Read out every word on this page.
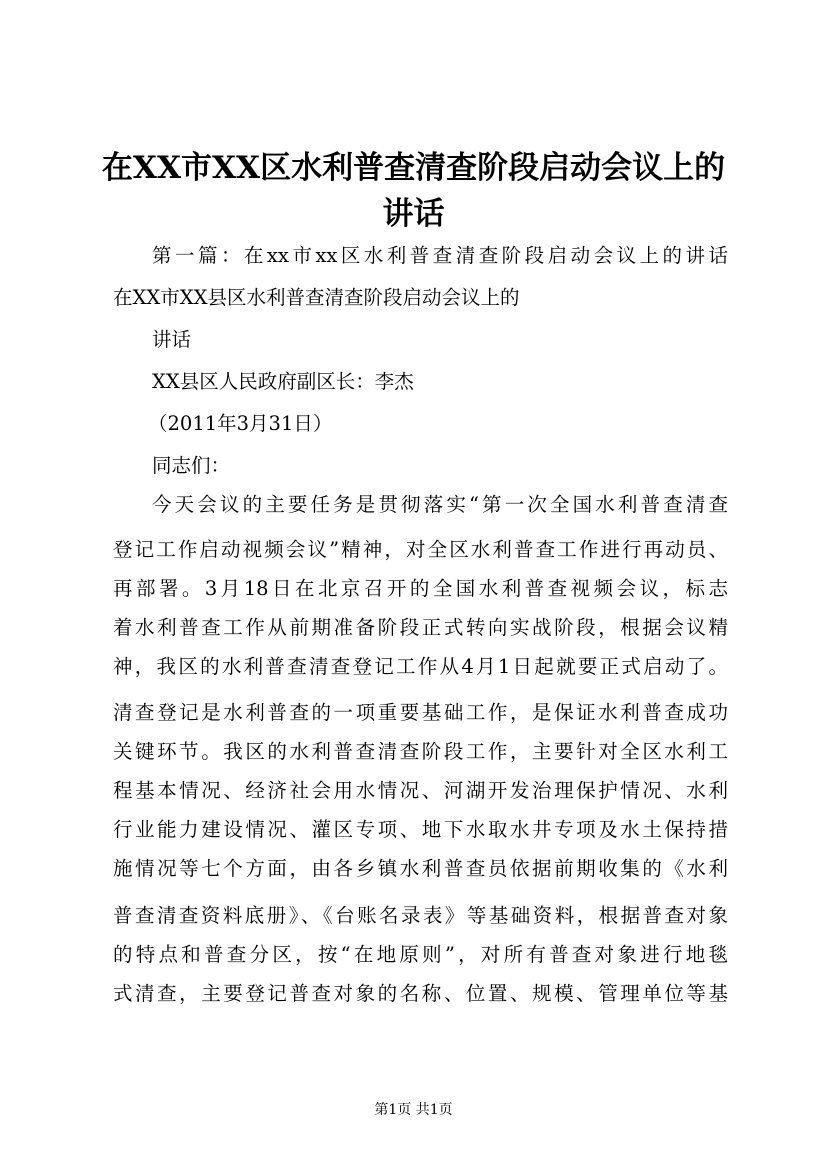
在XX市XX区水利普查清查阶段启动会议上的
讲话
第一篇：在xx市xx区水利普查清查阶段启动会议上的讲话
在XX市XX县区水利普查清查阶段启动会议上的
讲话
XX县区人民政府副区长：李杰
（2011年3月31日）
同志们：
今天会议的主要任务是贯彻落实“第一次全国水利普查清查
登记工作启动视频会议”精神，对全区水利普查工作进行再动员、
再部署。3月18日在北京召开的全国水利普查视频会议，标志
着水利普查工作从前期准备阶段正式转向实战阶段，根据会议精
神，我区的水利普查清查登记工作从4月1日起就要正式启动了。
清查登记是水利普查的一项重要基础工作，是保证水利普查成功
关键环节。我区的水利普查清查阶段工作，主要针对全区水利工
程基本情况、经济社会用水情况、河湖开发治理保护情况、水利
行业能力建设情况、灌区专项、地下水取水井专项及水土保持措
施情况等七个方面，由各乡镇水利普查员依据前期收集的《水利
普查清查资料底册》、《台账名录表》等基础资料，根据普查对象
的特点和普查分区，按“在地原则”，对所有普查对象进行地毯
式清查，主要登记普查对象的名称、位置、规模、管理单位等基
第1页 共1页
